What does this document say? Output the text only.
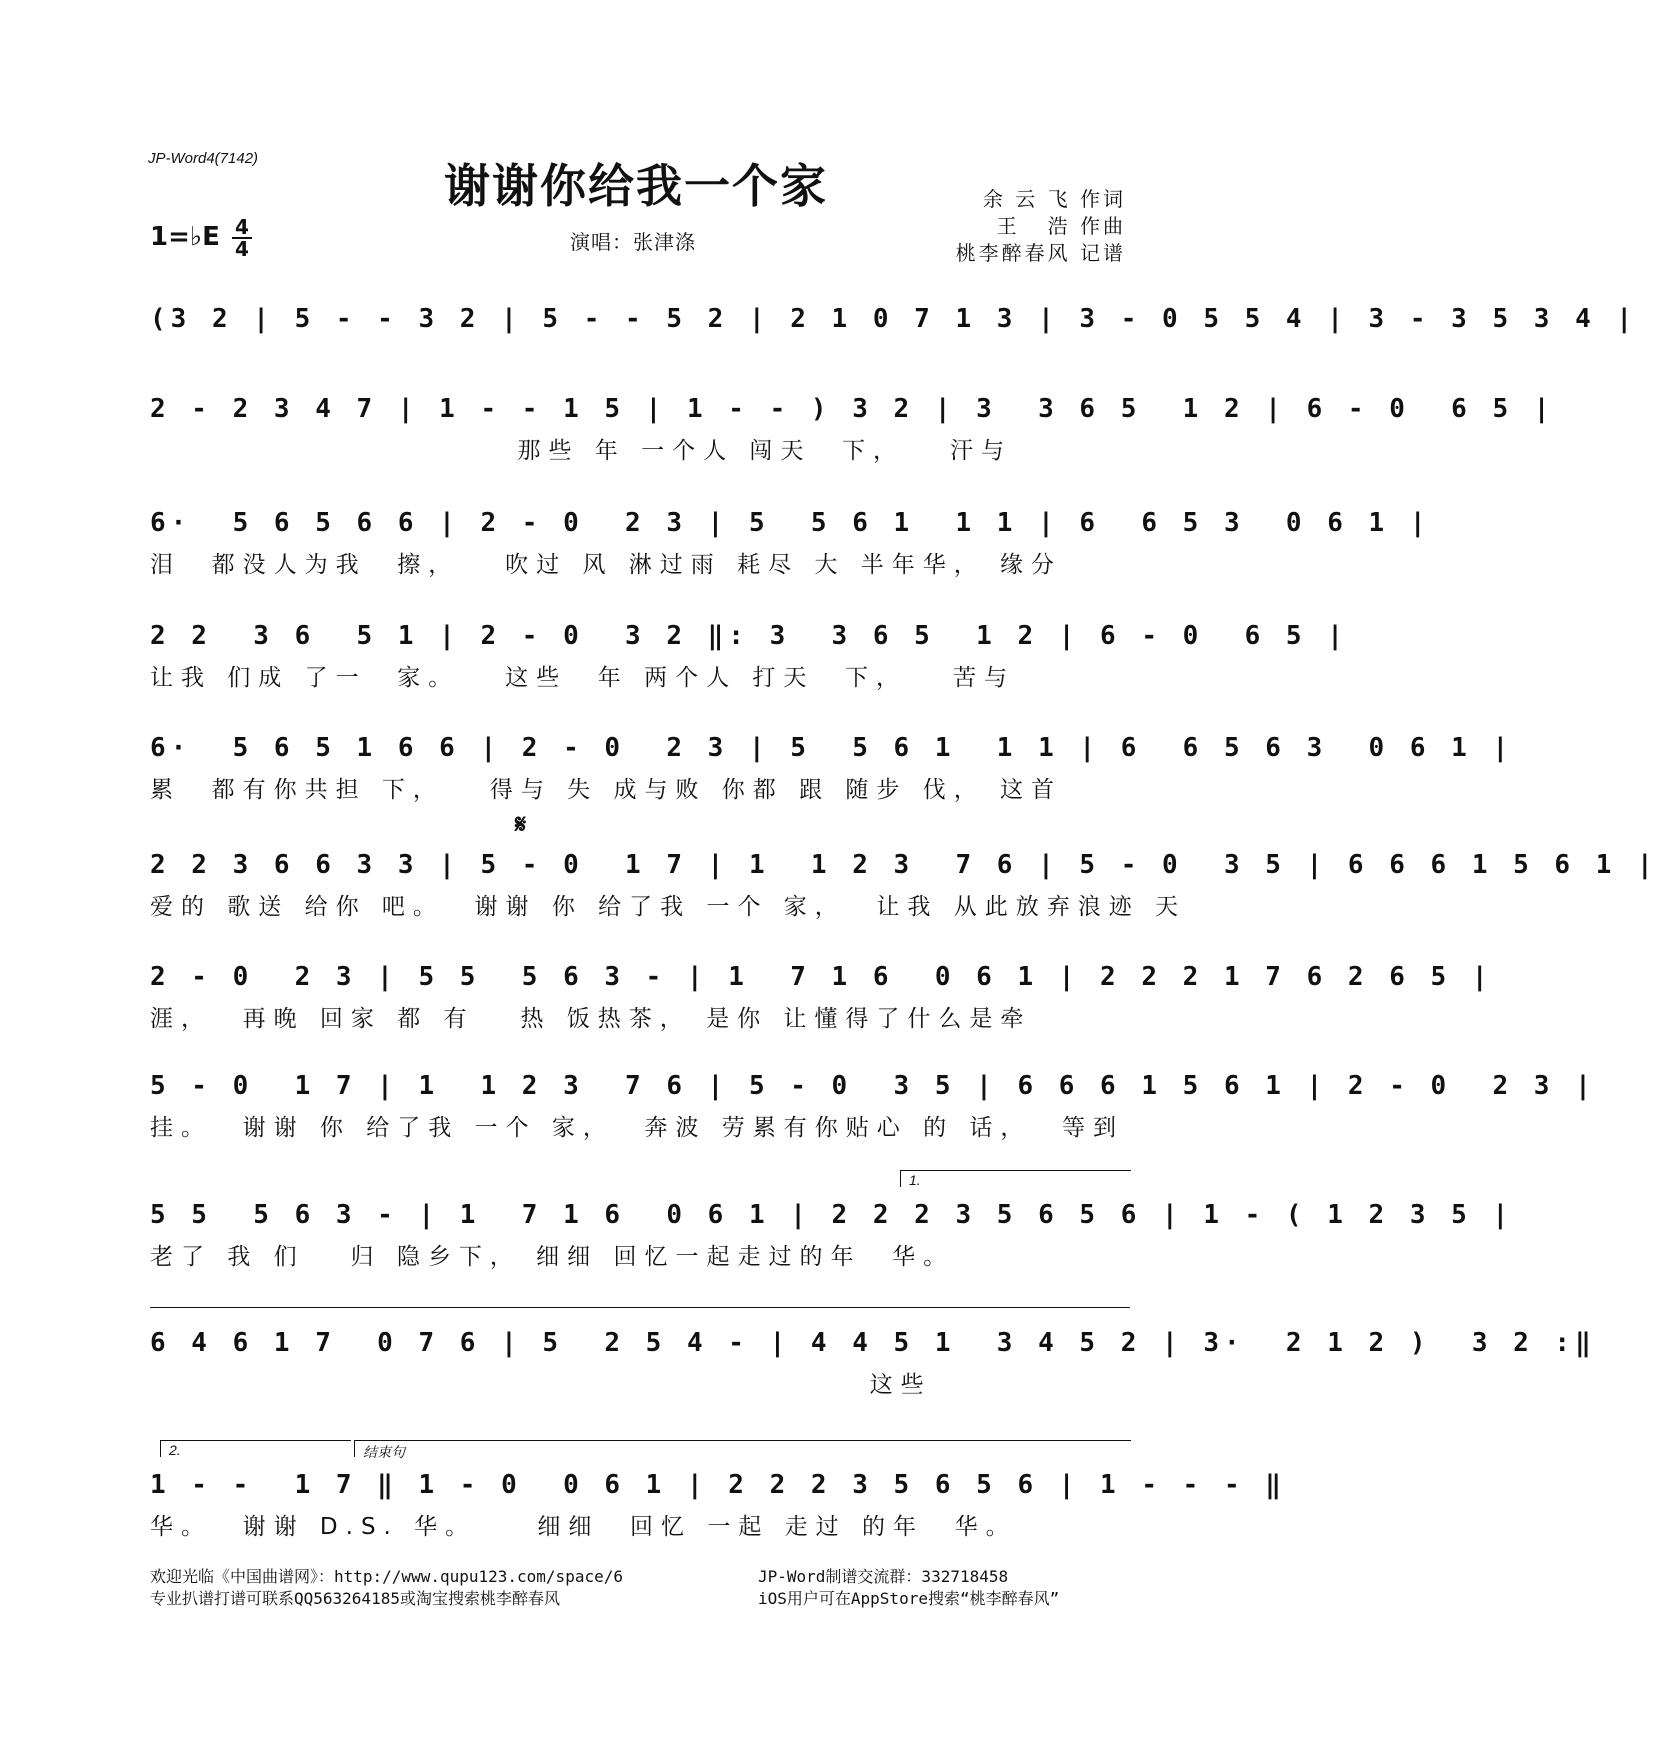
JP-Word4(7142)
谢谢你给我一个家
演唱：张津涤
余 云 飞 作词
王   浩 作曲
桃李醉春风 记谱
1=♭E 4
4
(3 2 | 5 - - 3 2 | 5 - - 5 2 | 2 1 0 7 1 3 | 3 - 0 5 5 4 | 3 - 3 5 3 4 |
2 - 2 3 4 7 | 1 - - 1 5 | 1 - - ) 3 2 | 3  3 6 5  1 2 | 6 - 0  6 5 |
那些 年 一个人 闯天  下，   汗与
6·  5 6 5 6 6 | 2 - 0  2 3 | 5  5 6 1  1 1 | 6  6 5 3  0 6 1 |
泪  都没人为我  擦，   吹过 风 淋过雨 耗尽 大 半年华， 缘分
2 2  3 6  5 1 | 2 - 0  3 2 ‖: 3  3 6 5  1 2 | 6 - 0  6 5 |
让我 们成 了一  家。   这些  年 两个人 打天  下，   苦与
6·  5 6 5 1 6 6 | 2 - 0  2 3 | 5  5 6 1  1 1 | 6  6 5 6 3  0 6 1 |
累  都有你共担 下，   得与 失 成与败 你都 跟 随步 伐， 这首
𝄋
2 2 3 6 6 3 3 | 5 - 0  1 7 | 1  1 2 3  7 6 | 5 - 0  3 5 | 6 6 6 1 5 6 1 |
爱的 歌送 给你 吧。  谢谢 你 给了我 一个 家，  让我 从此放弃浪迹 天
2 - 0  2 3 | 5 5  5 6 3 - | 1  7 1 6  0 6 1 | 2 2 2 1 7 6 2 6 5 |
涯，  再晚 回家 都 有   热 饭热茶， 是你 让懂得了什么是牵
5 - 0  1 7 | 1  1 2 3  7 6 | 5 - 0  3 5 | 6 6 6 1 5 6 1 | 2 - 0  2 3 |
挂。  谢谢 你 给了我 一个 家，  奔波 劳累有你贴心 的 话，  等到
1.
5 5  5 6 3 - | 1  7 1 6  0 6 1 | 2 2 2 3 5 6 5 6 | 1 - ( 1 2 3 5 |
老了 我 们   归 隐乡下， 细细 回忆一起走过的年  华。
6 4 6 1 7  0 7 6 | 5  2 5 4 - | 4 4 5 1  3 4 5 2 | 3·  2 1 2 )  3 2 :‖
这些
2.	结束句
1 - -  1 7 ‖ 1 - 0  0 6 1 | 2 2 2 3 5 6 5 6 | 1 - - - ‖
华。  谢谢 D.S. 华。    细细  回忆 一起 走过 的年  华。
欢迎光临《中国曲谱网》：http://www.qupu123.com/space/6
专业扒谱打谱可联系QQ563264185或淘宝搜索桃李醉春风
JP-Word制谱交流群：332718458
iOS用户可在AppStore搜索“桃李醉春风”
